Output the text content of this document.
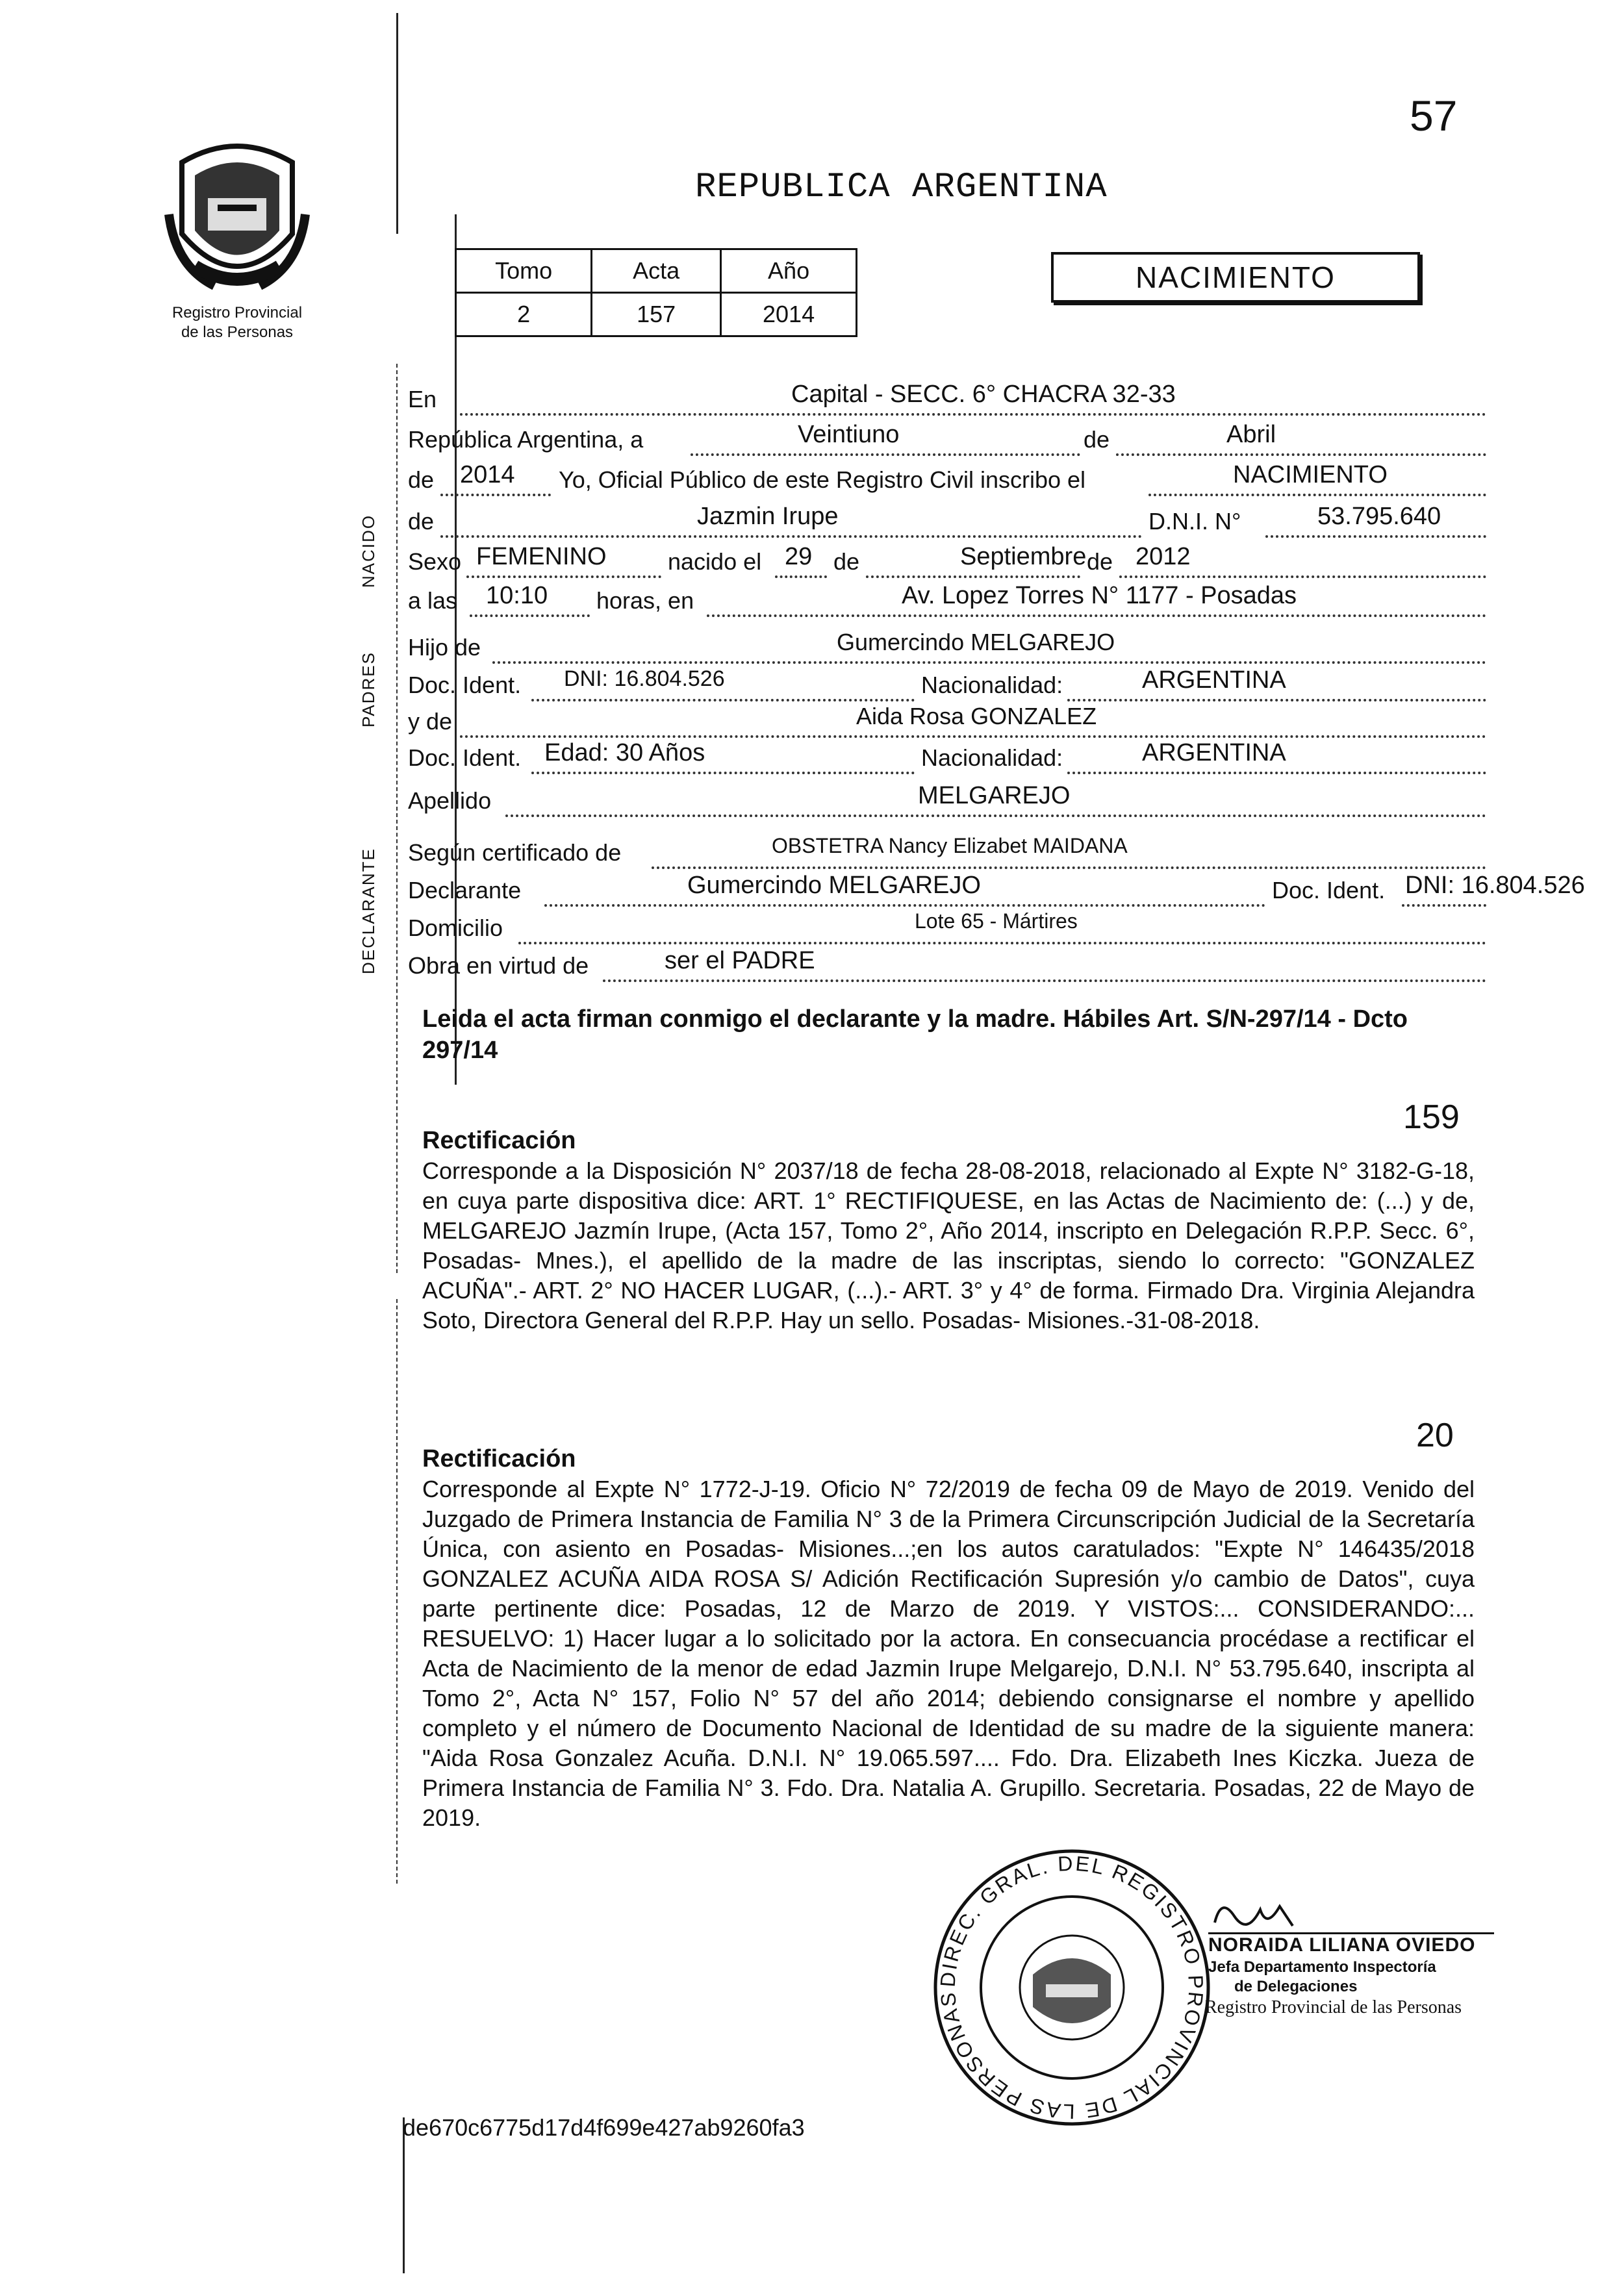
57
Registro Provincial
de las Personas
REPUBLICA ARGENTINA
Tomo	Acta	Año
2	157	2014
NACIMIENTO
NACIDO
PADRES
DECLARANTE
En	Capital - SECC. 6° CHACRA 32-33
República Argentina, a	Veintiuno	de	Abril
de 2014 Yo, Oficial Público de este Registro Civil inscribo el	NACIMIENTO
de	Jazmin Irupe	D.N.I. N°	53.795.640
Sexo FEMENINO	nacido el 29 de	Septiembre de 2012
a las 10:10 horas, en	Av. Lopez Torres N° 1177 - Posadas
Hijo de	Gumercindo MELGAREJO
Doc. Ident. DNI: 16.804.526	Nacionalidad:	ARGENTINA
y de	Aida Rosa GONZALEZ
Doc. Ident. Edad: 30 Años	Nacionalidad:	ARGENTINA
Apellido	MELGAREJO
Según certificado de	OBSTETRA Nancy Elizabet MAIDANA
Declarante	Gumercindo MELGAREJO	Doc. Ident. DNI: 16.804.526
Domicilio	Lote 65 - Mártires
Obra en virtud de	ser el PADRE
Leida el acta firman conmigo el declarante y la madre. Hábiles Art. S/N-297/14 - Dcto 297/14
159
Rectificación
Corresponde a la Disposición N° 2037/18 de fecha 28-08-2018, relacionado al Expte N° 3182-G-18, en cuya parte dispositiva dice: ART. 1° RECTIFIQUESE, en las Actas de Nacimiento de: (...) y de, MELGAREJO Jazmín Irupe, (Acta 157, Tomo 2°, Año 2014, inscripto en Delegación R.P.P. Secc. 6°, Posadas- Mnes.), el apellido de la madre de las inscriptas, siendo lo correcto: "GONZALEZ ACUÑA".- ART. 2° NO HACER LUGAR, (...).- ART. 3° y 4° de forma. Firmado Dra. Virginia Alejandra Soto, Directora General del R.P.P. Hay un sello. Posadas- Misiones.-31-08-2018.
20
Rectificación
Corresponde al Expte N° 1772-J-19. Oficio N° 72/2019 de fecha 09 de Mayo de 2019. Venido del Juzgado de Primera Instancia de Familia N° 3 de la Primera Circunscripción Judicial de la Secretaría Única, con asiento en Posadas- Misiones...;en los autos caratulados: "Expte N° 146435/2018 GONZALEZ ACUÑA AIDA ROSA S/ Adición Rectificación Supresión y/o cambio de Datos", cuya parte pertinente dice: Posadas, 12 de Marzo de 2019. Y VISTOS:... CONSIDERANDO:... RESUELVO: 1) Hacer lugar a lo solicitado por la actora. En consecuancia procédase a rectificar el Acta de Nacimiento de la menor de edad Jazmin Irupe Melgarejo, D.N.I. N° 53.795.640, inscripta al Tomo 2°, Acta N° 157, Folio N° 57 del año 2014; debiendo consignarse el nombre y apellido completo y el número de Documento Nacional de Identidad de su madre de la siguiente manera: "Aida Rosa Gonzalez Acuña. D.N.I. N° 19.065.597.... Fdo. Dra. Elizabeth Ines Kiczka. Jueza de Primera Instancia de Familia N° 3. Fdo. Dra. Natalia A. Grupillo. Secretaria. Posadas, 22 de Mayo de 2019.
DIREC. GRAL. DEL REGISTRO PROVINCIAL DE LAS PERSONAS
NORAIDA LILIANA OVIEDO
Jefa Departamento Inspectoría
de Delegaciones
Registro Provincial de las Personas
de670c6775d17d4f699e427ab9260fa3
